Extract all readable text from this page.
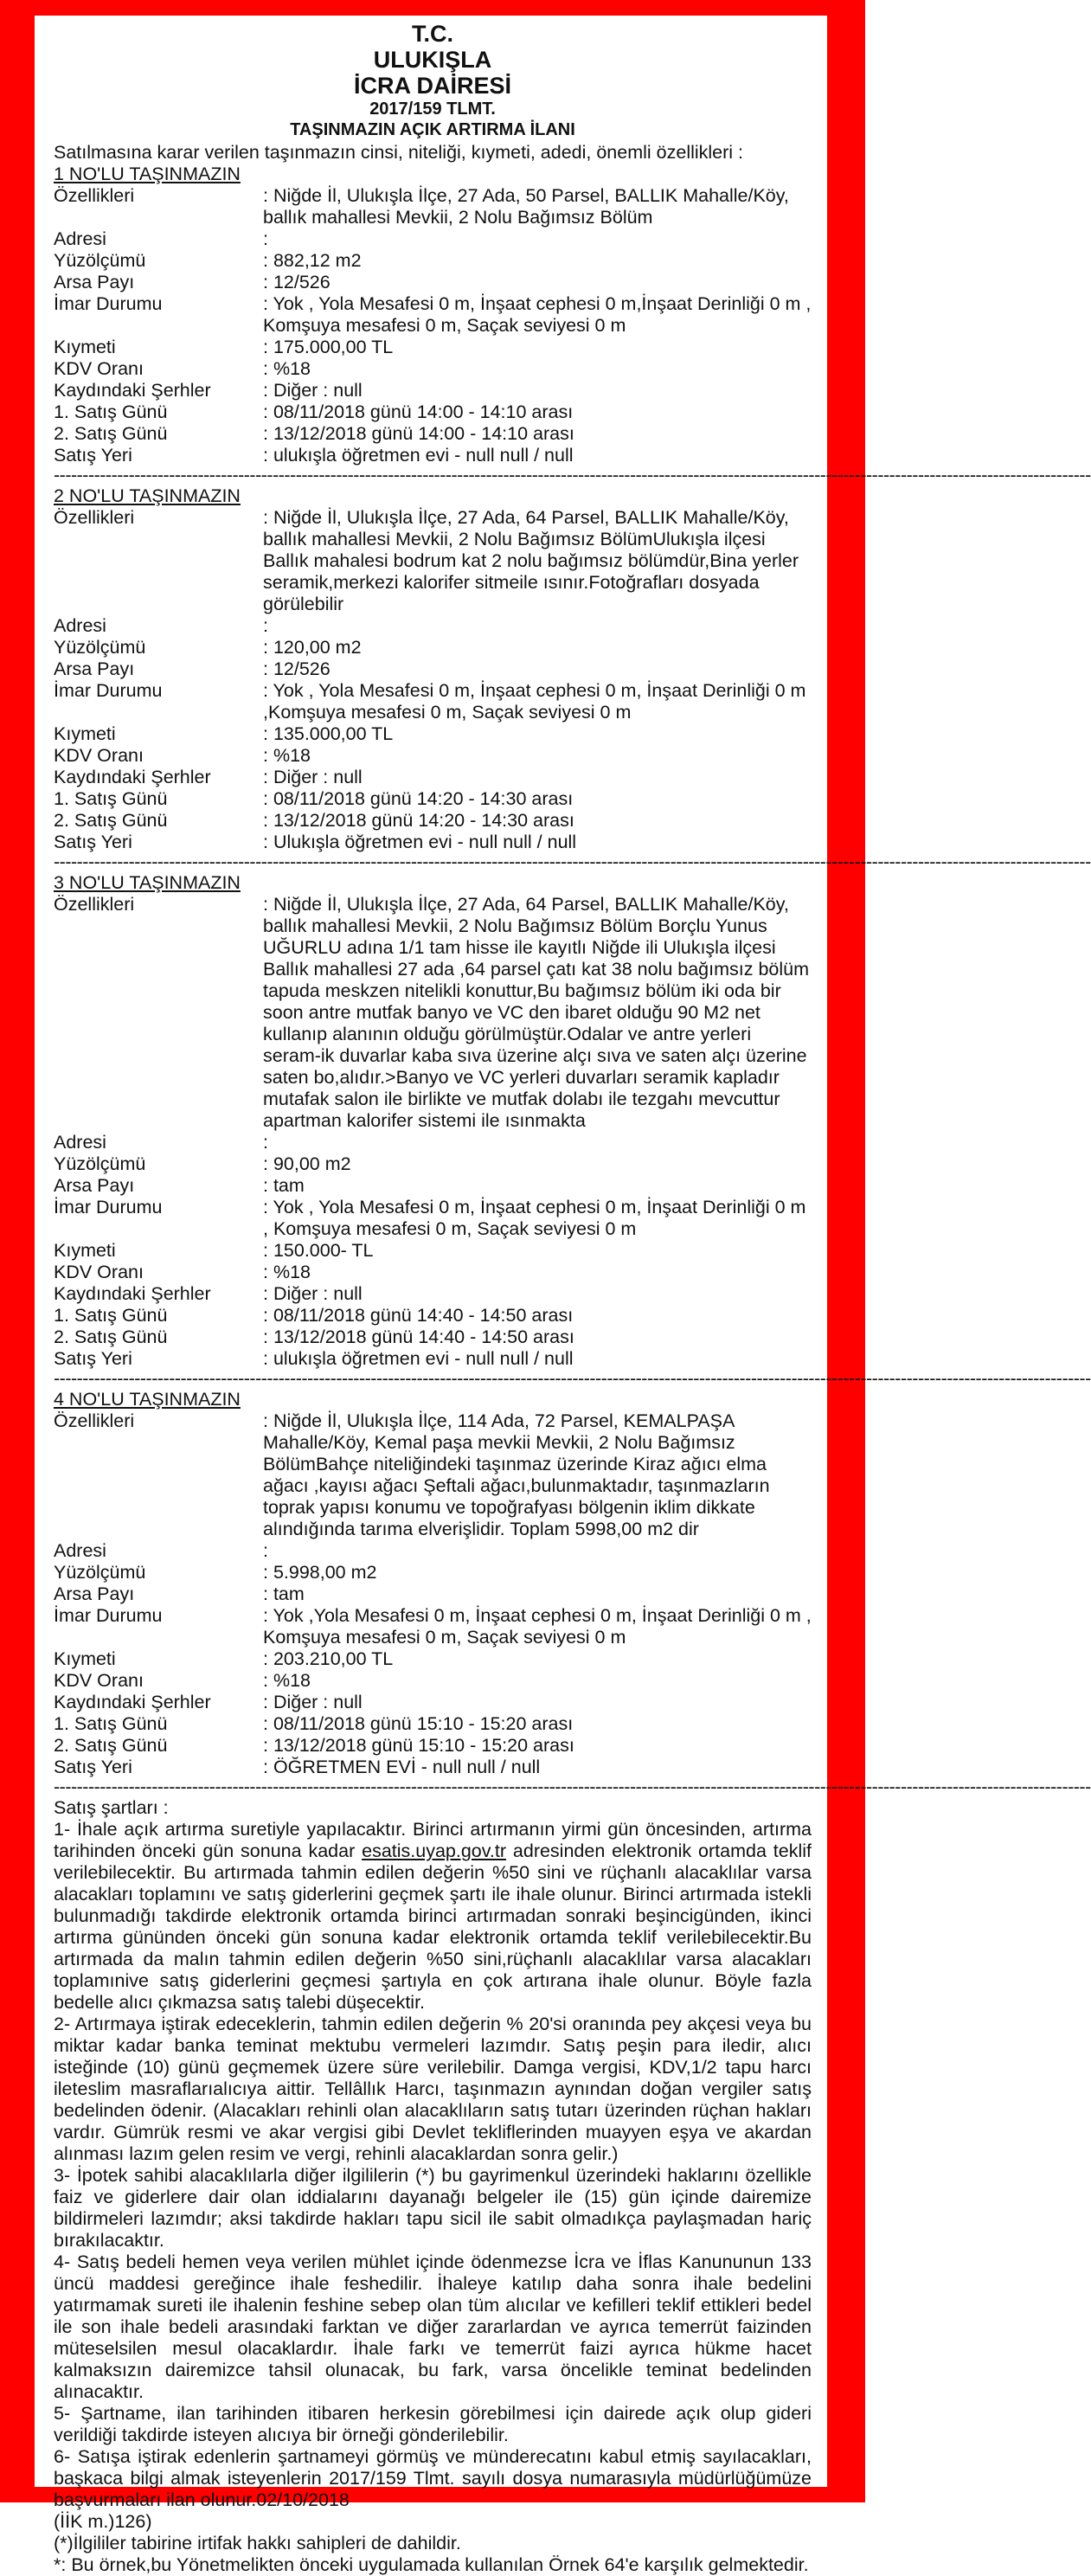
T.C.
ULUKIŞLA
İCRA DAİRESİ
2017/159 TLMT.
TAŞINMAZIN AÇIK ARTIRMA İLANI
Satılmasına karar verilen taşınmazın cinsi, niteliği, kıymeti, adedi, önemli özellikleri :
1 NO'LU TAŞINMAZIN
Özellikleri	: Niğde İl, Ulukışla İlçe, 27 Ada, 50 Parsel, BALLIK Mahalle/Köy, ballık mahallesi Mevkii, 2 Nolu Bağımsız Bölüm
Adresi	:
Yüzölçümü	: 882,12 m2
Arsa Payı	: 12/526
İmar Durumu	: Yok , Yola Mesafesi 0 m, İnşaat cephesi 0 m,İnşaat Derinliği 0 m , Komşuya mesafesi 0 m, Saçak seviyesi 0 m
Kıymeti	: 175.000,00 TL
KDV Oranı	: %18
Kaydındaki Şerhler	: Diğer : null
1. Satış Günü	: 08/11/2018 günü 14:00 - 14:10 arası
2. Satış Günü	: 13/12/2018 günü 14:00 - 14:10 arası
Satış Yeri	: ulukışla öğretmen evi - null null / null
------------------------------------------------------------------------------------------------------------------------------------------------------------------------------------
2 NO'LU TAŞINMAZIN
Özellikleri	: Niğde İl, Ulukışla İlçe, 27 Ada, 64 Parsel, BALLIK Mahalle/Köy, ballık mahallesi Mevkii, 2 Nolu Bağımsız BölümUlukışla ilçesi Ballık mahalesi bodrum kat 2 nolu bağımsız bölümdür,Bina yerler seramik,merkezi kalorifer sitmeile ısınır.Fotoğrafları dosyada görülebilir
Adresi	:
Yüzölçümü	: 120,00 m2
Arsa Payı	: 12/526
İmar Durumu	: Yok , Yola Mesafesi 0 m, İnşaat cephesi 0 m, İnşaat Derinliği 0 m ,Komşuya mesafesi 0 m, Saçak seviyesi 0 m
Kıymeti	: 135.000,00 TL
KDV Oranı	: %18
Kaydındaki Şerhler	: Diğer : null
1. Satış Günü	: 08/11/2018 günü 14:20 - 14:30 arası
2. Satış Günü	: 13/12/2018 günü 14:20 - 14:30 arası
Satış Yeri	: Ulukışla öğretmen evi - null null / null
------------------------------------------------------------------------------------------------------------------------------------------------------------------------------------
3 NO'LU TAŞINMAZIN
Özellikleri	: Niğde İl, Ulukışla İlçe, 27 Ada, 64 Parsel, BALLIK Mahalle/Köy, ballık mahallesi Mevkii, 2 Nolu Bağımsız Bölüm Borçlu Yunus UĞURLU adına 1/1 tam hisse ile kayıtlı Niğde ili Ulukışla ilçesi Ballık mahallesi 27 ada ,64 parsel çatı kat 38 nolu bağımsız bölüm tapuda meskzen nitelikli konuttur,Bu bağımsız bölüm iki oda bir soon antre mutfak banyo ve VC den ibaret olduğu 90 M2 net kullanıp alanının olduğu görülmüştür.Odalar ve antre yerleri seram-ik duvarlar kaba sıva üzerine alçı sıva ve saten alçı üzerine saten bo,alıdır.>Banyo ve VC yerleri duvarları seramik kapladır mutafak salon ile birlikte ve mutfak dolabı ile tezgahı mevcuttur apartman kalorifer sistemi ile ısınmakta
Adresi	:
Yüzölçümü	: 90,00 m2
Arsa Payı	: tam
İmar Durumu	: Yok , Yola Mesafesi 0 m, İnşaat cephesi 0 m, İnşaat Derinliği 0 m , Komşuya mesafesi 0 m, Saçak seviyesi 0 m
Kıymeti	: 150.000- TL
KDV Oranı	: %18
Kaydındaki Şerhler	: Diğer : null
1. Satış Günü	: 08/11/2018 günü 14:40 - 14:50 arası
2. Satış Günü	: 13/12/2018 günü 14:40 - 14:50 arası
Satış Yeri	: ulukışla öğretmen evi - null null / null
------------------------------------------------------------------------------------------------------------------------------------------------------------------------------------
4 NO'LU TAŞINMAZIN
Özellikleri	: Niğde İl, Ulukışla İlçe, 114 Ada, 72 Parsel, KEMALPAŞA Mahalle/Köy, Kemal paşa mevkii Mevkii, 2 Nolu Bağımsız BölümBahçe niteliğindeki taşınmaz üzerinde Kiraz ağıcı elma ağacı ,kayısı ağacı Şeftali ağacı,bulunmaktadır, taşınmazların toprak yapısı konumu ve topoğrafyası bölgenin iklim dikkate alındığında tarıma elverişlidir. Toplam 5998,00 m2 dir
Adresi	:
Yüzölçümü	: 5.998,00 m2
Arsa Payı	: tam
İmar Durumu	: Yok ,Yola Mesafesi 0 m, İnşaat cephesi 0 m, İnşaat Derinliği 0 m , Komşuya mesafesi 0 m, Saçak seviyesi 0 m
Kıymeti	: 203.210,00 TL
KDV Oranı	: %18
Kaydındaki Şerhler	: Diğer : null
1. Satış Günü	: 08/11/2018 günü 15:10 - 15:20 arası
2. Satış Günü	: 13/12/2018 günü 15:10 - 15:20 arası
Satış Yeri	: ÖĞRETMEN EVİ - null null / null
------------------------------------------------------------------------------------------------------------------------------------------------------------------------------------

Satış şartları :

1- İhale açık artırma suretiyle yapılacaktır. Birinci artırmanın yirmi gün öncesinden, artırma tarihinden önceki gün sonuna kadar esatis.uyap.gov.tr adresinden elektronik ortamda teklif verilebilecektir. Bu artırmada tahmin edilen değerin %50 sini ve rüçhanlı alacaklılar varsa alacakları toplamını ve satış giderlerini geçmek şartı ile ihale olunur. Birinci artırmada istekli bulunmadığı takdirde elektronik ortamda birinci artırmadan sonraki beşincigünden, ikinci artırma gününden önceki gün sonuna kadar elektronik ortamda teklif verilebilecektir.Bu artırmada da malın tahmin edilen değerin %50 sini,rüçhanlı alacaklılar varsa alacakları toplamınive satış giderlerini geçmesi şartıyla en çok artırana ihale olunur. Böyle fazla bedelle alıcı çıkmazsa satış talebi düşecektir.

2- Artırmaya iştirak edeceklerin, tahmin edilen değerin % 20'si oranında pey akçesi veya bu miktar kadar banka teminat mektubu vermeleri lazımdır. Satış peşin para iledir, alıcı isteğinde (10) günü geçmemek üzere süre verilebilir. Damga vergisi, KDV,1/2 tapu harcı ileteslim masraflarıalıcıya aittir. Tellâllık Harcı, taşınmazın aynından doğan vergiler satış bedelinden ödenir. (Alacakları rehinli olan alacaklıların satış tutarı üzerinden rüçhan hakları vardır. Gümrük resmi ve akar vergisi gibi Devlet tekliflerinden muayyen eşya ve akardan alınması lazım gelen resim ve vergi, rehinli alacaklardan sonra gelir.)

3- İpotek sahibi alacaklılarla diğer ilgililerin (*) bu gayrimenkul üzerindeki haklarını özellikle faiz ve giderlere dair olan iddialarını dayanağı belgeler ile (15) gün içinde dairemize bildirmeleri lazımdır; aksi takdirde hakları tapu sicil ile sabit olmadıkça paylaşmadan hariç bırakılacaktır.

4- Satış bedeli hemen veya verilen mühlet içinde ödenmezse İcra ve İflas Kanununun 133 üncü maddesi gereğince ihale feshedilir. İhaleye katılıp daha sonra ihale bedelini yatırmamak sureti ile ihalenin feshine sebep olan tüm alıcılar ve kefilleri teklif ettikleri bedel ile son ihale bedeli arasındaki farktan ve diğer zararlardan ve ayrıca temerrüt faizinden müteselsilen mesul olacaklardır. İhale farkı ve temerrüt faizi ayrıca hükme hacet kalmaksızın dairemizce tahsil olunacak, bu fark, varsa öncelikle teminat bedelinden alınacaktır.

5- Şartname, ilan tarihinden itibaren herkesin görebilmesi için dairede açık olup gideri verildiği takdirde isteyen alıcıya bir örneği gönderilebilir.

6- Satışa iştirak edenlerin şartnameyi görmüş ve münderecatını kabul etmiş sayılacakları, başkaca bilgi almak isteyenlerin 2017/159 Tlmt. sayılı dosya numarasıyla müdürlüğümüze başvurmaları ilan olunur.02/10/2018

(İİK m.)126)

(*)İlgililer tabirine irtifak hakkı sahipleri de dahildir.

*: Bu örnek,bu Yönetmelikten önceki uygulamada kullanılan Örnek 64'e karşılık gelmektedir.
